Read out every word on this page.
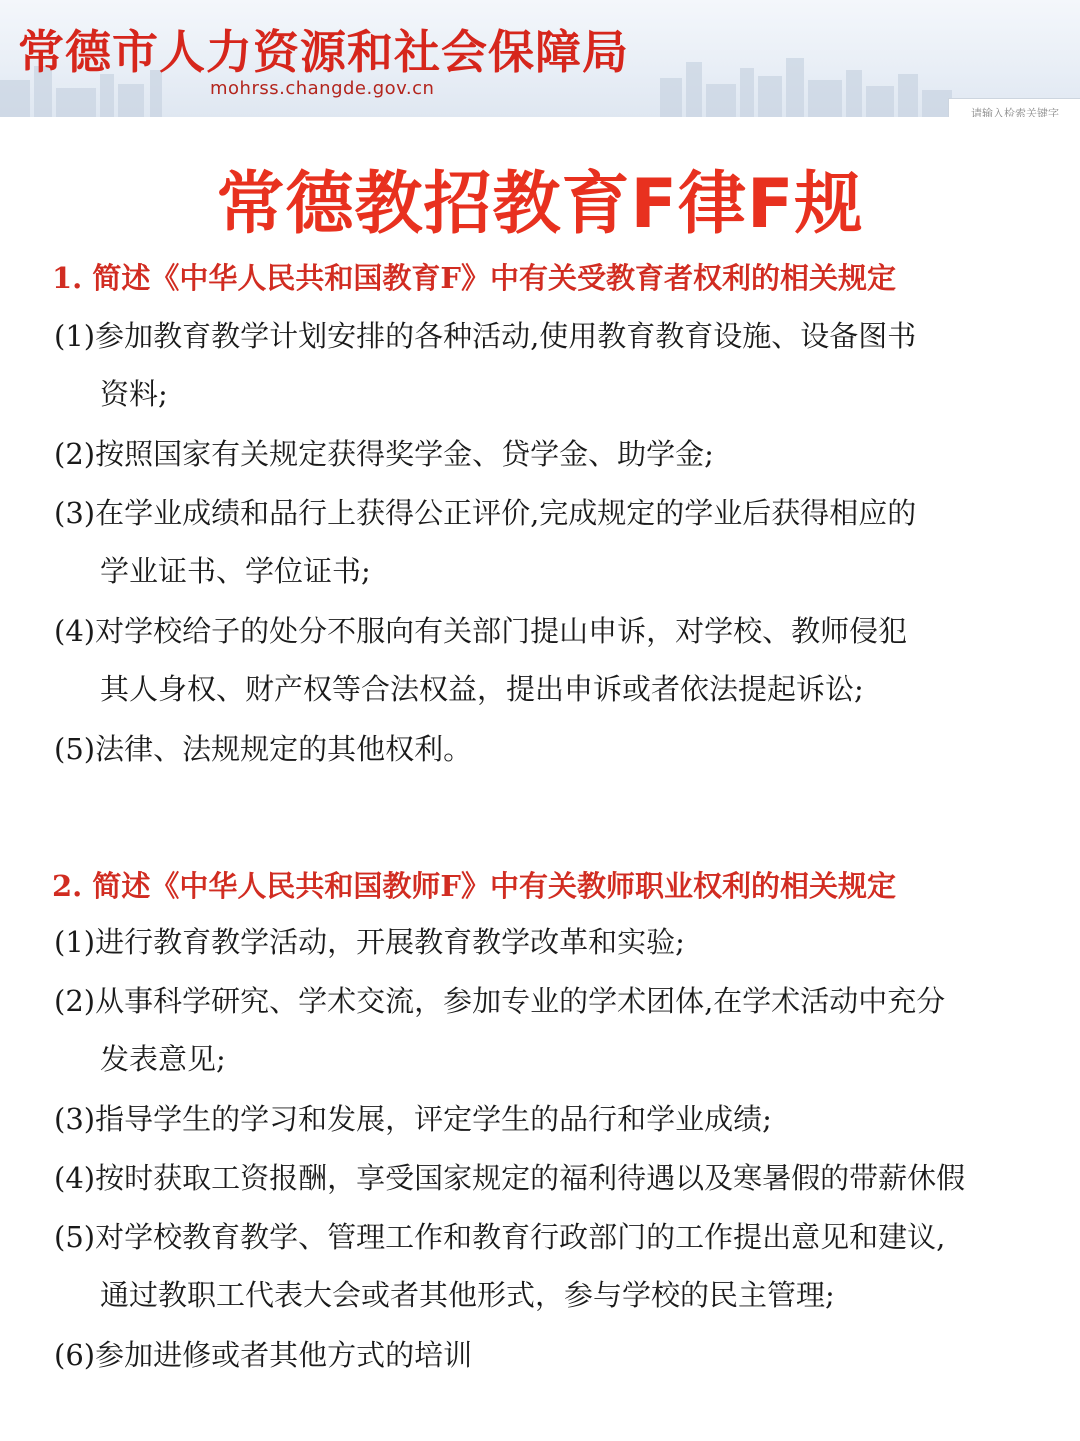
常德市人力资源和社会保障局
mohrss.changde.gov.cn
请输入检索关键字
常德教招教育F律F规
1. 简述《中华人民共和国教育F》中有关受教育者权利的相关规定
(1)参加教育教学计划安排的各种活动,使用教育教育设施、设备图书
资料;
(2)按照国家有关规定获得奖学金、贷学金、助学金;
(3)在学业成绩和品行上获得公正评价,完成规定的学业后获得相应的
学业证书、学位证书;
(4)对学校给子的处分不服向有关部门提山申诉，对学校、教师侵犯
其人身权、财产权等合法权益，提出申诉或者依法提起诉讼;
(5)法律、法规规定的其他权利。
2. 简述《中华人民共和国教师F》中有关教师职业权利的相关规定
(1)进行教育教学活动，开展教育教学改革和实验;
(2)从事科学研究、学术交流，参加专业的学术团体,在学术活动中充分
发表意见;
(3)指导学生的学习和发展，评定学生的品行和学业成绩;
(4)按时获取工资报酬，享受国家规定的福利待遇以及寒暑假的带薪休假
(5)对学校教育教学、管理工作和教育行政部门的工作提出意见和建议,
通过教职工代表大会或者其他形式，参与学校的民主管理;
(6)参加进修或者其他方式的培训
